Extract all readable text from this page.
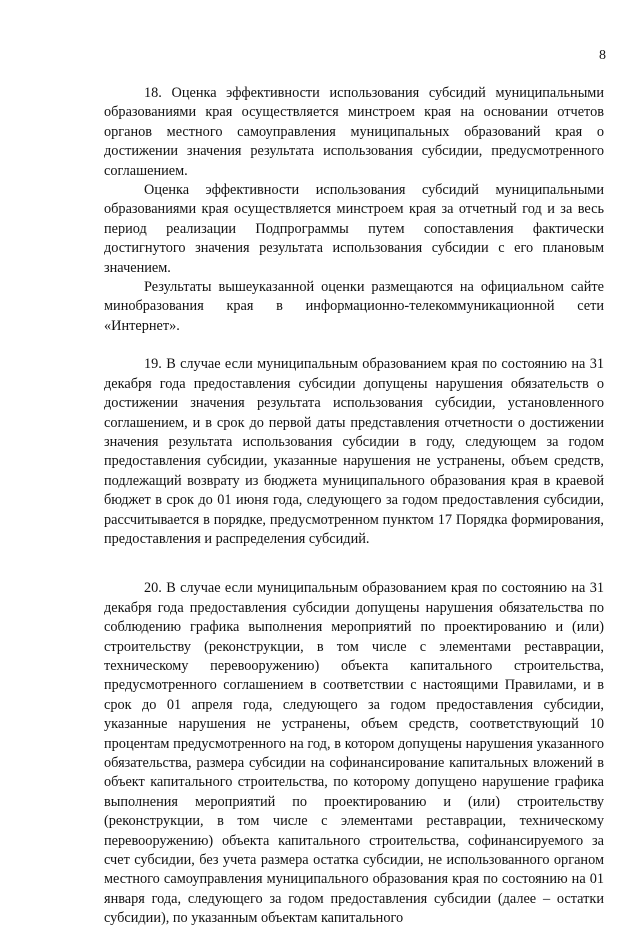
8

18. Оценка эффективности использования субсидий муниципальными образованиями края осуществляется минстроем края на основании отчетов органов местного самоуправления муниципальных образований края о достижении значения результата использования субсидии, предусмотренного соглашением.

Оценка эффективности использования субсидий муниципальными образованиями края осуществляется минстроем края за отчетный год и за весь период реализации Подпрограммы путем сопоставления фактически достигнутого значения результата использования субсидии с его плановым значением.

Результаты вышеуказанной оценки размещаются на официальном сайте минобразования края в информационно-телекоммуникационной сети «Интернет».

19. В случае если муниципальным образованием края по состоянию на 31 декабря года предоставления субсидии допущены нарушения обязательств о достижении значения результата использования субсидии, установленного соглашением, и в срок до первой даты представления отчетности о достижении значения результата использования субсидии в году, следующем за годом предоставления субсидии, указанные нарушения не устранены, объем средств, подлежащий возврату из бюджета муниципального образования края в краевой бюджет в срок до 01 июня года, следующего за годом предоставления субсидии, рассчитывается в порядке, предусмотренном пунктом 17 Порядка формирования, предоставления и распределения субсидий.

20. В случае если муниципальным образованием края по состоянию на 31 декабря года предоставления субсидии допущены нарушения обязательства по соблюдению графика выполнения мероприятий по проектированию и (или) строительству (реконструкции, в том числе с элементами реставрации, техническому перевооружению) объекта капитального строительства, предусмотренного соглашением в соответствии с настоящими Правилами, и в срок до 01 апреля года, следующего за годом предоставления субсидии, указанные нарушения не устранены, объем средств, соответствующий 10 процентам предусмотренного на год, в котором допущены нарушения указанного обязательства, размера субсидии на софинансирование капитальных вложений в объект капитального строительства, по которому допущено нарушение графика выполнения мероприятий по проектированию и (или) строительству (реконструкции, в том числе с элементами реставрации, техническому перевооружению) объекта капитального строительства, софинансируемого за счет субсидии, без учета размера остатка субсидии, не использованного органом местного самоуправления муниципального образования края по состоянию на 01 января года, следующего за годом предоставления субсидии (далее – остатки субсидии), по указанным объектам капитального
